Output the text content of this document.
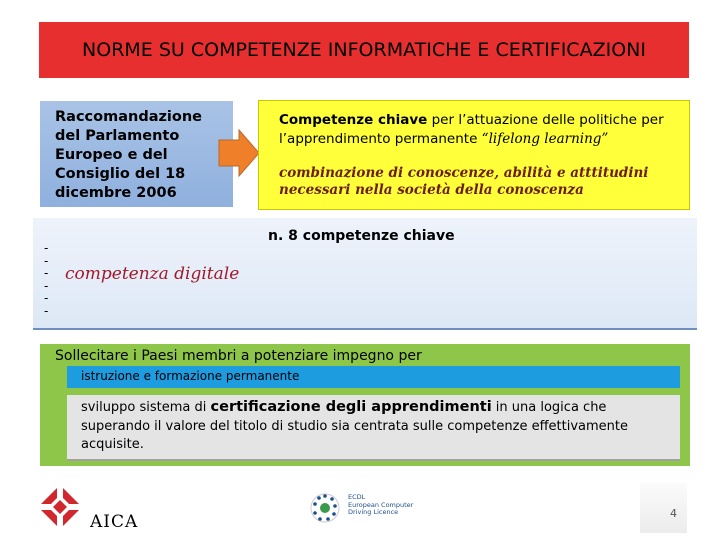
NORME SU COMPETENZE INFORMATICHE E CERTIFICAZIONI
Raccomandazione
del Parlamento
Europeo e del
Consiglio del 18
dicembre 2006
Competenze chiave per l’attuazione delle politiche per l’apprendimento permanente “lifelong learning”
combinazione di conoscenze, abilità e atttitudini necessari nella società della conoscenza
n. 8 competenze chiave
-
-
-
-
-
-
competenza digitale
Sollecitare i Paesi membri a potenziare impegno per
istruzione e formazione permanente
sviluppo sistema di certificazione degli apprendimenti in una logica che superando il valore del titolo di studio sia centrata sulle competenze effettivamente acquisite.
AICA
ECDL
European Computer
Driving Licence	4
